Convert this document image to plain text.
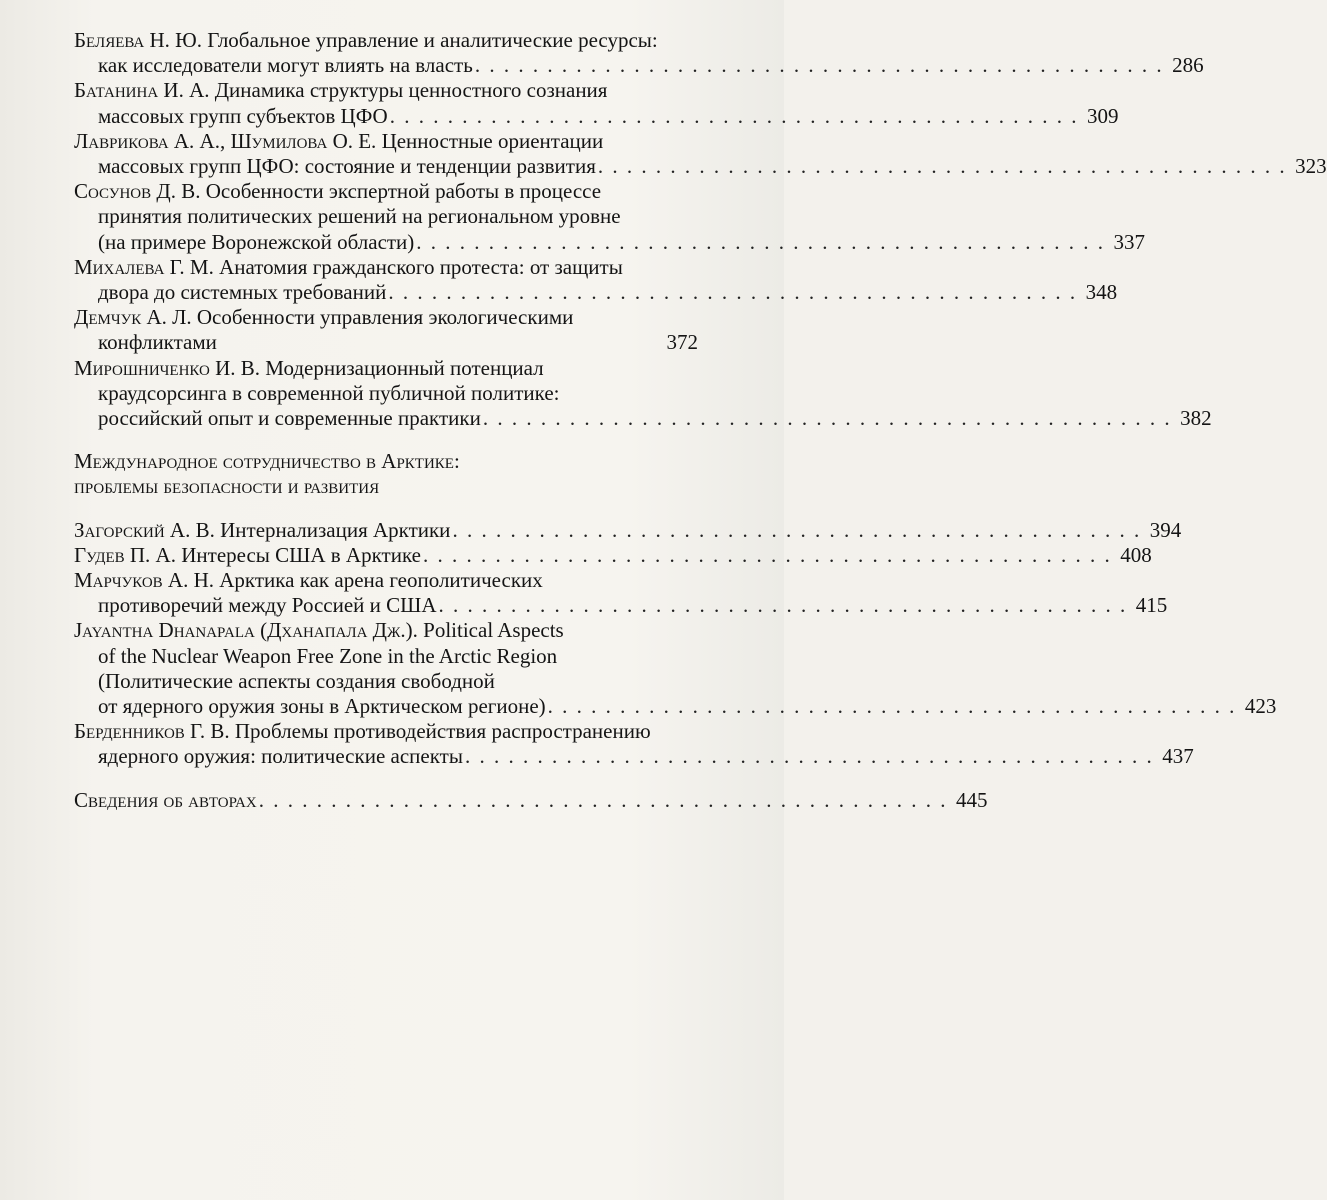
Беляева Н. Ю. Глобальное управление и аналитические ресурсы:
как исследователи могут влиять на власть . . . . . . . . . . . . . . . . . . . . . . . . . . . . . . . . . . . . . . . . . . . . . . . . 286
Батанина И. А. Динамика структуры ценностного сознания
массовых групп субъектов ЦФО . . . . . . . . . . . . . . . . . . . . . . . . . . . . . . . . . . . . . . . . . . . . . . . . 309
Лаврикова А. А., Шумилова О. Е. Ценностные ориентации
массовых групп ЦФО: состояние и тенденции развития . . . . . . . . . . . . . . . . . . . . . . . . . . . . . . . . . . . . . . . . . . . . . . . . 323
Сосунов Д. В. Особенности экспертной работы в процессе
принятия политических решений на региональном уровне
(на примере Воронежской области) . . . . . . . . . . . . . . . . . . . . . . . . . . . . . . . . . . . . . . . . . . . . . . . . 337
Михалева Г. М. Анатомия гражданского протеста: от защиты
двора до системных требований . . . . . . . . . . . . . . . . . . . . . . . . . . . . . . . . . . . . . . . . . . . . . . . . 348
Демчук А. Л. Особенности управления экологическими
конфликтами	372
Мирошниченко И. В. Модернизационный потенциал
краудсорсинга в современной публичной политике:
российский опыт и современные практики . . . . . . . . . . . . . . . . . . . . . . . . . . . . . . . . . . . . . . . . . . . . . . . . 382
Международное сотрудничество в Арктике:
проблемы безопасности и развития
Загорский А. В. Интернализация Арктики . . . . . . . . . . . . . . . . . . . . . . . . . . . . . . . . . . . . . . . . . . . . . . . . 394
Гудев П. А. Интересы США в Арктике . . . . . . . . . . . . . . . . . . . . . . . . . . . . . . . . . . . . . . . . . . . . . . . . 408
Марчуков А. Н. Арктика как арена геополитических
противоречий между Россией и США . . . . . . . . . . . . . . . . . . . . . . . . . . . . . . . . . . . . . . . . . . . . . . . . 415
Jayantha Dhanapala (Дханапала Дж.). Political Aspects
of the Nuclear Weapon Free Zone in the Arctic Region
(Политические аспекты создания свободной
от ядерного оружия зоны в Арктическом регионе) . . . . . . . . . . . . . . . . . . . . . . . . . . . . . . . . . . . . . . . . . . . . . . . . 423
Берденников Г. В. Проблемы противодействия распространению
ядерного оружия: политические аспекты . . . . . . . . . . . . . . . . . . . . . . . . . . . . . . . . . . . . . . . . . . . . . . . . 437
Сведения об авторах . . . . . . . . . . . . . . . . . . . . . . . . . . . . . . . . . . . . . . . . . . . . . . . . 445
